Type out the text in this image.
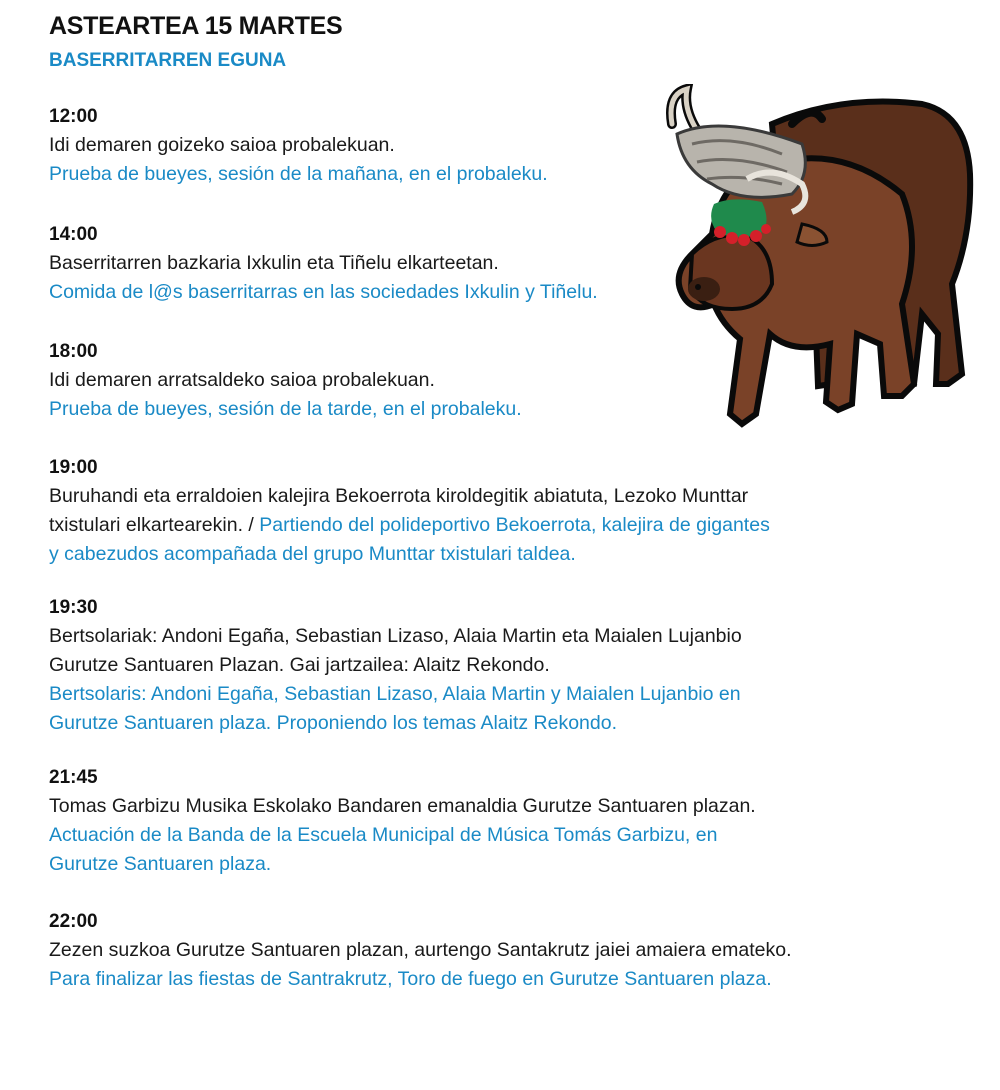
ASTEARTEA 15 MARTES
BASERRITARREN EGUNA
12:00
Idi demaren goizeko saioa probalekuan.
Prueba de bueyes, sesión de la mañana, en el probaleku.
14:00
Baserritarren bazkaria Ixkulin eta Tiñelu elkarteetan.
Comida de l@s baserritarras en las sociedades Ixkulin y Tiñelu.
18:00
Idi demaren arratsaldeko saioa probalekuan.
Prueba de bueyes, sesión de la tarde, en el probaleku.
19:00
Buruhandi eta erraldoien kalejira Bekoerrota kiroldegitik abiatuta, Lezoko Munttar
txistulari elkartearekin. / Partiendo del polideportivo Bekoerrota, kalejira de gigantes
y cabezudos acompañada del grupo Munttar txistulari taldea.
19:30
Bertsolariak: Andoni Egaña, Sebastian Lizaso, Alaia Martin eta Maialen Lujanbio
Gurutze Santuaren Plazan. Gai jartzailea: Alaitz Rekondo.
Bertsolaris: Andoni Egaña, Sebastian Lizaso, Alaia Martin y Maialen Lujanbio en
Gurutze Santuaren plaza. Proponiendo los temas Alaitz Rekondo.
21:45
Tomas Garbizu Musika Eskolako Bandaren emanaldia Gurutze Santuaren plazan.
Actuación de la Banda de la Escuela Municipal de Música Tomás Garbizu, en
Gurutze Santuaren plaza.
22:00
Zezen suzkoa Gurutze Santuaren plazan, aurtengo Santakrutz jaiei amaiera emateko.
Para finalizar las fiestas de Santrakrutz, Toro de fuego en Gurutze Santuaren plaza.
